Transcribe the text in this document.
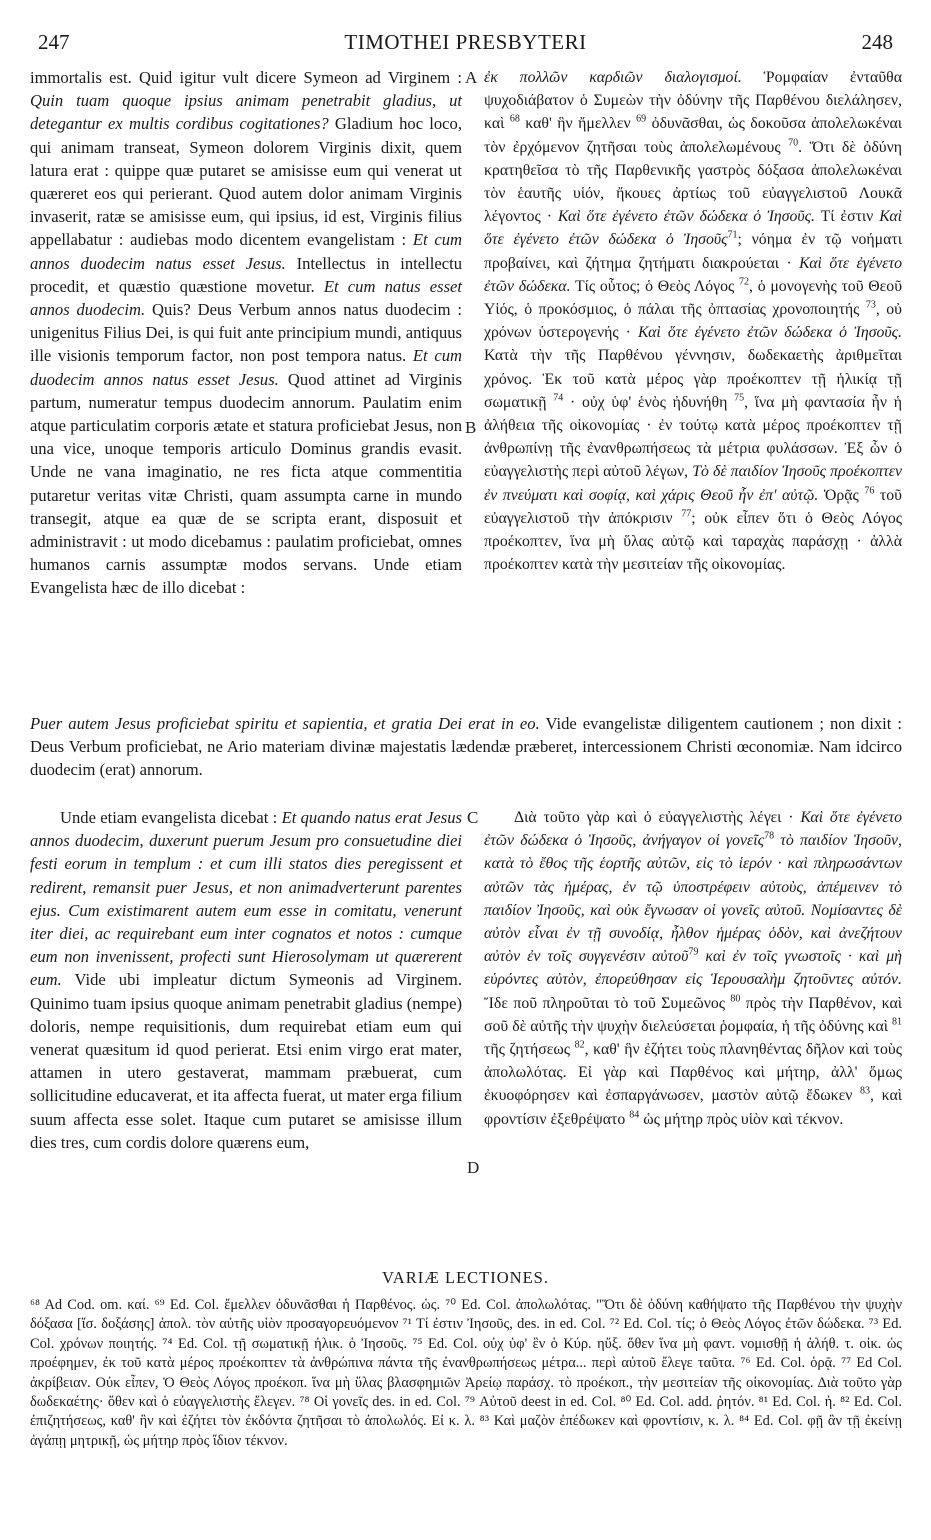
247	TIMOTHEI PRESBYTERI	248
A
B
C
D

immortalis est. Quid igitur vult dicere Symeon ad Virginem : Quin tuam quoque ipsius animam penetrabit gladius, ut detegantur ex multis cordibus cogitationes? Gladium hoc loco, qui animam transeat, Symeon dolorem Virginis dixit, quem latura erat : quippe quæ putaret se amisisse eum qui venerat ut quæreret eos qui perierant. Quod autem dolor animam Virginis invaserit, ratæ se amisisse eum, qui ipsius, id est, Virginis filius appellabatur : audiebas modo dicentem evangelistam : Et cum annos duodecim natus esset Jesus. Intellectus in intellectu procedit, et quæstio quæstione movetur. Et cum natus esset annos duodecim. Quis? Deus Verbum annos natus duodecim : unigenitus Filius Dei, is qui fuit ante principium mundi, antiquus ille visionis temporum factor, non post tempora natus. Et cum duodecim annos natus esset Jesus. Quod attinet ad Virginis partum, numeratur tempus duodecim annorum. Paulatim enim atque particulatim corporis ætate et statura proficiebat Jesus, non una vice, unoque temporis articulo Dominus grandis evasit. Unde ne vana imaginatio, ne res ficta atque commentitia putaretur veritas vitæ Christi, quam assumpta carne in mundo transegit, atque ea quæ de se scripta erant, disposuit et administravit : ut modo dicebamus : paulatim proficiebat, omnes humanos carnis assumptæ modos servans. Unde etiam Evangelista hæc de illo dicebat :

ἐκ πολλῶν καρδιῶν διαλογισμοί. Ῥομφαίαν ἐνταῦθα ψυχοδιάβατον ὁ Συμεὼν τὴν ὀδύνην τῆς Παρθένου διελάλησεν, καὶ $^{68}$ καθ' ἣν ἤμελλεν $^{69}$ ὀδυνᾶσθαι, ὡς δοκοῦσα ἀπολελωκέναι τὸν ἐρχόμενον ζητῆσαι τοὺς ἀπολελωμένους $^{70}$. Ὅτι δὲ ὀδύνη κρατηθεῖσα τὸ τῆς Παρθενικῆς γαστρὸς δόξασα ἀπολελωκέναι τὸν ἑαυτῆς υἱόν, ἤκουες ἀρτίως τοῦ εὐαγγελιστοῦ Λουκᾶ λέγοντος · Καὶ ὅτε ἐγένετο ἐτῶν δώδεκα ὁ Ἰησοῦς. Τί ἐστιν Καὶ ὅτε ἐγένετο ἐτῶν δώδεκα ὁ Ἰησοῦς$^{71}$; νόημα ἐν τῷ νοήματι προβαίνει, καὶ ζήτημα ζητήματι διακρούεται · Καὶ ὅτε ἐγένετο ἐτῶν δώδεκα. Τίς οὗτος; ὁ Θεὸς Λόγος $^{72}$, ὁ μονογενὴς τοῦ Θεοῦ Υἱός, ὁ προκόσμιος, ὁ πάλαι τῆς ὀπτασίας χρονοποιητής $^{73}$, οὐ χρόνων ὑστερογενής · Καὶ ὅτε ἐγένετο ἐτῶν δώδεκα ὁ Ἰησοῦς. Κατὰ τὴν τῆς Παρθένου γέννησιν, δωδεκαετὴς ἀριθμεῖται χρόνος. Ἐκ τοῦ κατὰ μέρος γὰρ προέκοπτεν τῇ ἡλικίᾳ τῇ σωματικῇ $^{74}$ · οὐχ ὑφ' ἑνὸς ἠδυνήθη $^{75}$, ἵνα μὴ φαντασία ἦν ἡ ἀλήθεια τῆς οἰκονομίας · ἐν τούτῳ κατὰ μέρος προέκοπτεν τῇ ἀνθρωπίνῃ τῆς ἐνανθρωπήσεως τὰ μέτρια φυλάσσων. Ἐξ ὧν ὁ εὐαγγελιστὴς περὶ αὐτοῦ λέγων, Τὸ δὲ παιδίον Ἰησοῦς προέκοπτεν ἐν πνεύματι καὶ σοφίᾳ, καὶ χάρις Θεοῦ ἦν ἐπ' αὐτῷ. Ὁρᾷς $^{76}$ τοῦ εὐαγγελιστοῦ τὴν ἀπόκρισιν $^{77}$; οὐκ εἶπεν ὅτι ὁ Θεὸς Λόγος προέκοπτεν, ἵνα μὴ ὕλας αὐτῷ καὶ ταραχὰς παράσχῃ · ἀλλὰ προέκοπτεν κατὰ τὴν μεσιτείαν τῆς οἰκονομίας.

Puer autem Jesus proficiebat spiritu et sapientia, et gratia Dei erat in eo. Vide evangelistæ diligentem cautionem ; non dixit : Deus Verbum proficiebat, ne Ario materiam divinæ majestatis lædendæ præberet, intercessionem Christi œconomiæ. Nam idcirco duodecim (erat) annorum.

Unde etiam evangelista dicebat : Et quando natus erat Jesus annos duodecim, duxerunt puerum Jesum pro consuetudine diei festi eorum in templum : et cum illi statos dies peregissent et redirent, remansit puer Jesus, et non animadverterunt parentes ejus. Cum existimarent autem eum esse in comitatu, venerunt iter diei, ac requirebant eum inter cognatos et notos : cumque eum non invenissent, profecti sunt Hierosolymam ut quærerent eum. Vide ubi impleatur dictum Symeonis ad Virginem. Quinimo tuam ipsius quoque animam penetrabit gladius (nempe) doloris, nempe requisitionis, dum requirebat etiam eum qui venerat quæsitum id quod perierat. Etsi enim virgo erat mater, attamen in utero gestaverat, mammam præbuerat, cum sollicitudine educaverat, et ita affecta fuerat, ut mater erga filium suum affecta esse solet. Itaque cum putaret se amisisse illum dies tres, cum cordis dolore quærens eum,

Διὰ τοῦτο γὰρ καὶ ὁ εὐαγγελιστὴς λέγει · Καὶ ὅτε ἐγένετο ἐτῶν δώδεκα ὁ Ἰησοῦς, ἀνήγαγον οἱ γονεῖς$^{78}$ τὸ παιδίον Ἰησοῦν, κατὰ τὸ ἔθος τῆς ἑορτῆς αὐτῶν, εἰς τὸ ἱερόν · καὶ πληρωσάντων αὐτῶν τὰς ἡμέρας, ἐν τῷ ὑποστρέφειν αὐτοὺς, ἀπέμεινεν τὸ παιδίον Ἰησοῦς, καὶ οὐκ ἔγνωσαν οἱ γονεῖς αὐτοῦ. Νομίσαντες δὲ αὐτὸν εἶναι ἐν τῇ συνοδίᾳ, ἦλθον ἡμέρας ὁδὸν, καὶ ἀνεζήτουν αὐτὸν ἐν τοῖς συγγενέσιν αὐτοῦ$^{79}$ καὶ ἐν τοῖς γνωστοῖς · καὶ μὴ εὑρόντες αὐτὸν, ἐπορεύθησαν εἰς Ἱερουσαλὴμ ζητοῦντες αὐτόν. Ἴδε ποῦ πληροῦται τὸ τοῦ Συμεῶνος $^{80}$ πρὸς τὴν Παρθένον, καὶ σοῦ δὲ αὐτῆς τὴν ψυχὴν διελεύσεται ῥομφαία, ἡ τῆς ὀδύνης καὶ $^{81}$ τῆς ζητήσεως $^{82}$, καθ' ἣν ἐζήτει τοὺς πλανηθέντας δῆλον καὶ τοὺς ἀπολωλότας. Εἰ γὰρ καὶ Παρθένος καὶ μήτηρ, ἀλλ' ὅμως ἐκυοφόρησεν καὶ ἐσπαργάνωσεν, μαστὸν αὐτῷ ἔδωκεν $^{83}$, καὶ φροντίσιν ἐξεθρέψατο $^{84}$ ὡς μήτηρ πρὸς υἱὸν καὶ τέκνον.

VARIÆ LECTIONES.
⁶⁸ Ad Cod. om. καί. ⁶⁹ Ed. Col. ἔμελλεν ὀδυνᾶσθαι ἡ Παρθένος. ὡς. ⁷⁰ Ed. Col. ἀπολωλότας. "Ὅτι δὲ ὀδύνη καθήψατο τῆς Παρθένου τὴν ψυχὴν δόξασα [ἴσ. δοξάσης] ἀπολ. τὸν αὐτῆς υἱὸν προσαγορευόμενον ⁷¹ Τί ἐστιν Ἰησοῦς, des. in ed. Col. ⁷² Ed. Col. τίς; ὁ Θεὸς Λόγος ἐτῶν δώδεκα. ⁷³ Ed. Col. χρόνων ποιητής. ⁷⁴ Ed. Col. τῇ σωματικῇ ἡλικ. ὁ Ἰησοῦς. ⁷⁵ Ed. Col. οὐχ ὑφ' ἓν ὁ Κύρ. ηὔξ. ὅθεν ἵνα μὴ φαντ. νομισθῇ ἡ ἀλήθ. τ. οἰκ. ὡς προέφημεν, ἐκ τοῦ κατὰ μέρος προέκοπτεν τὰ ἀνθρώπινα πάντα τῆς ἐνανθρωπήσεως μέτρα... περὶ αὐτοῦ ἔλεγε ταῦτα. ⁷⁶ Ed. Col. ὁρᾷ. ⁷⁷ Ed Col. ἀκρίβειαν. Οὐκ εἶπεν, Ὁ Θεὸς Λόγος προέκοπ. ἵνα μὴ ὕλας βλασφημιῶν Ἀρείῳ παράσχ. τὸ προέκοπ., τὴν μεσιτείαν τῆς οἰκονομίας. Διὰ τοῦτο γὰρ δωδεκαέτης· ὅθεν καὶ ὁ εὐαγγελιστὴς ἔλεγεν. ⁷⁸ Οἱ γονεῖς des. in ed. Col. ⁷⁹ Αὐτοῦ deest in ed. Col. ⁸⁰ Ed. Col. add. ῥητόν. ⁸¹ Ed. Col. ἡ. ⁸² Ed. Col. ἐπιζητήσεως, καθ' ἣν καὶ ἐζήτει τὸν ἐκδόντα ζητῆσαι τὸ ἀπολωλός. Εἰ κ. λ. ⁸³ Καὶ μαζὸν ἐπέδωκεν καὶ φροντίσιν, κ. λ. ⁸⁴ Ed. Col. φῇ ἂν τῇ ἐκείνῃ ἀγάπῃ μητρικῇ, ὡς μήτηρ πρὸς ἴδιον τέκνον.
